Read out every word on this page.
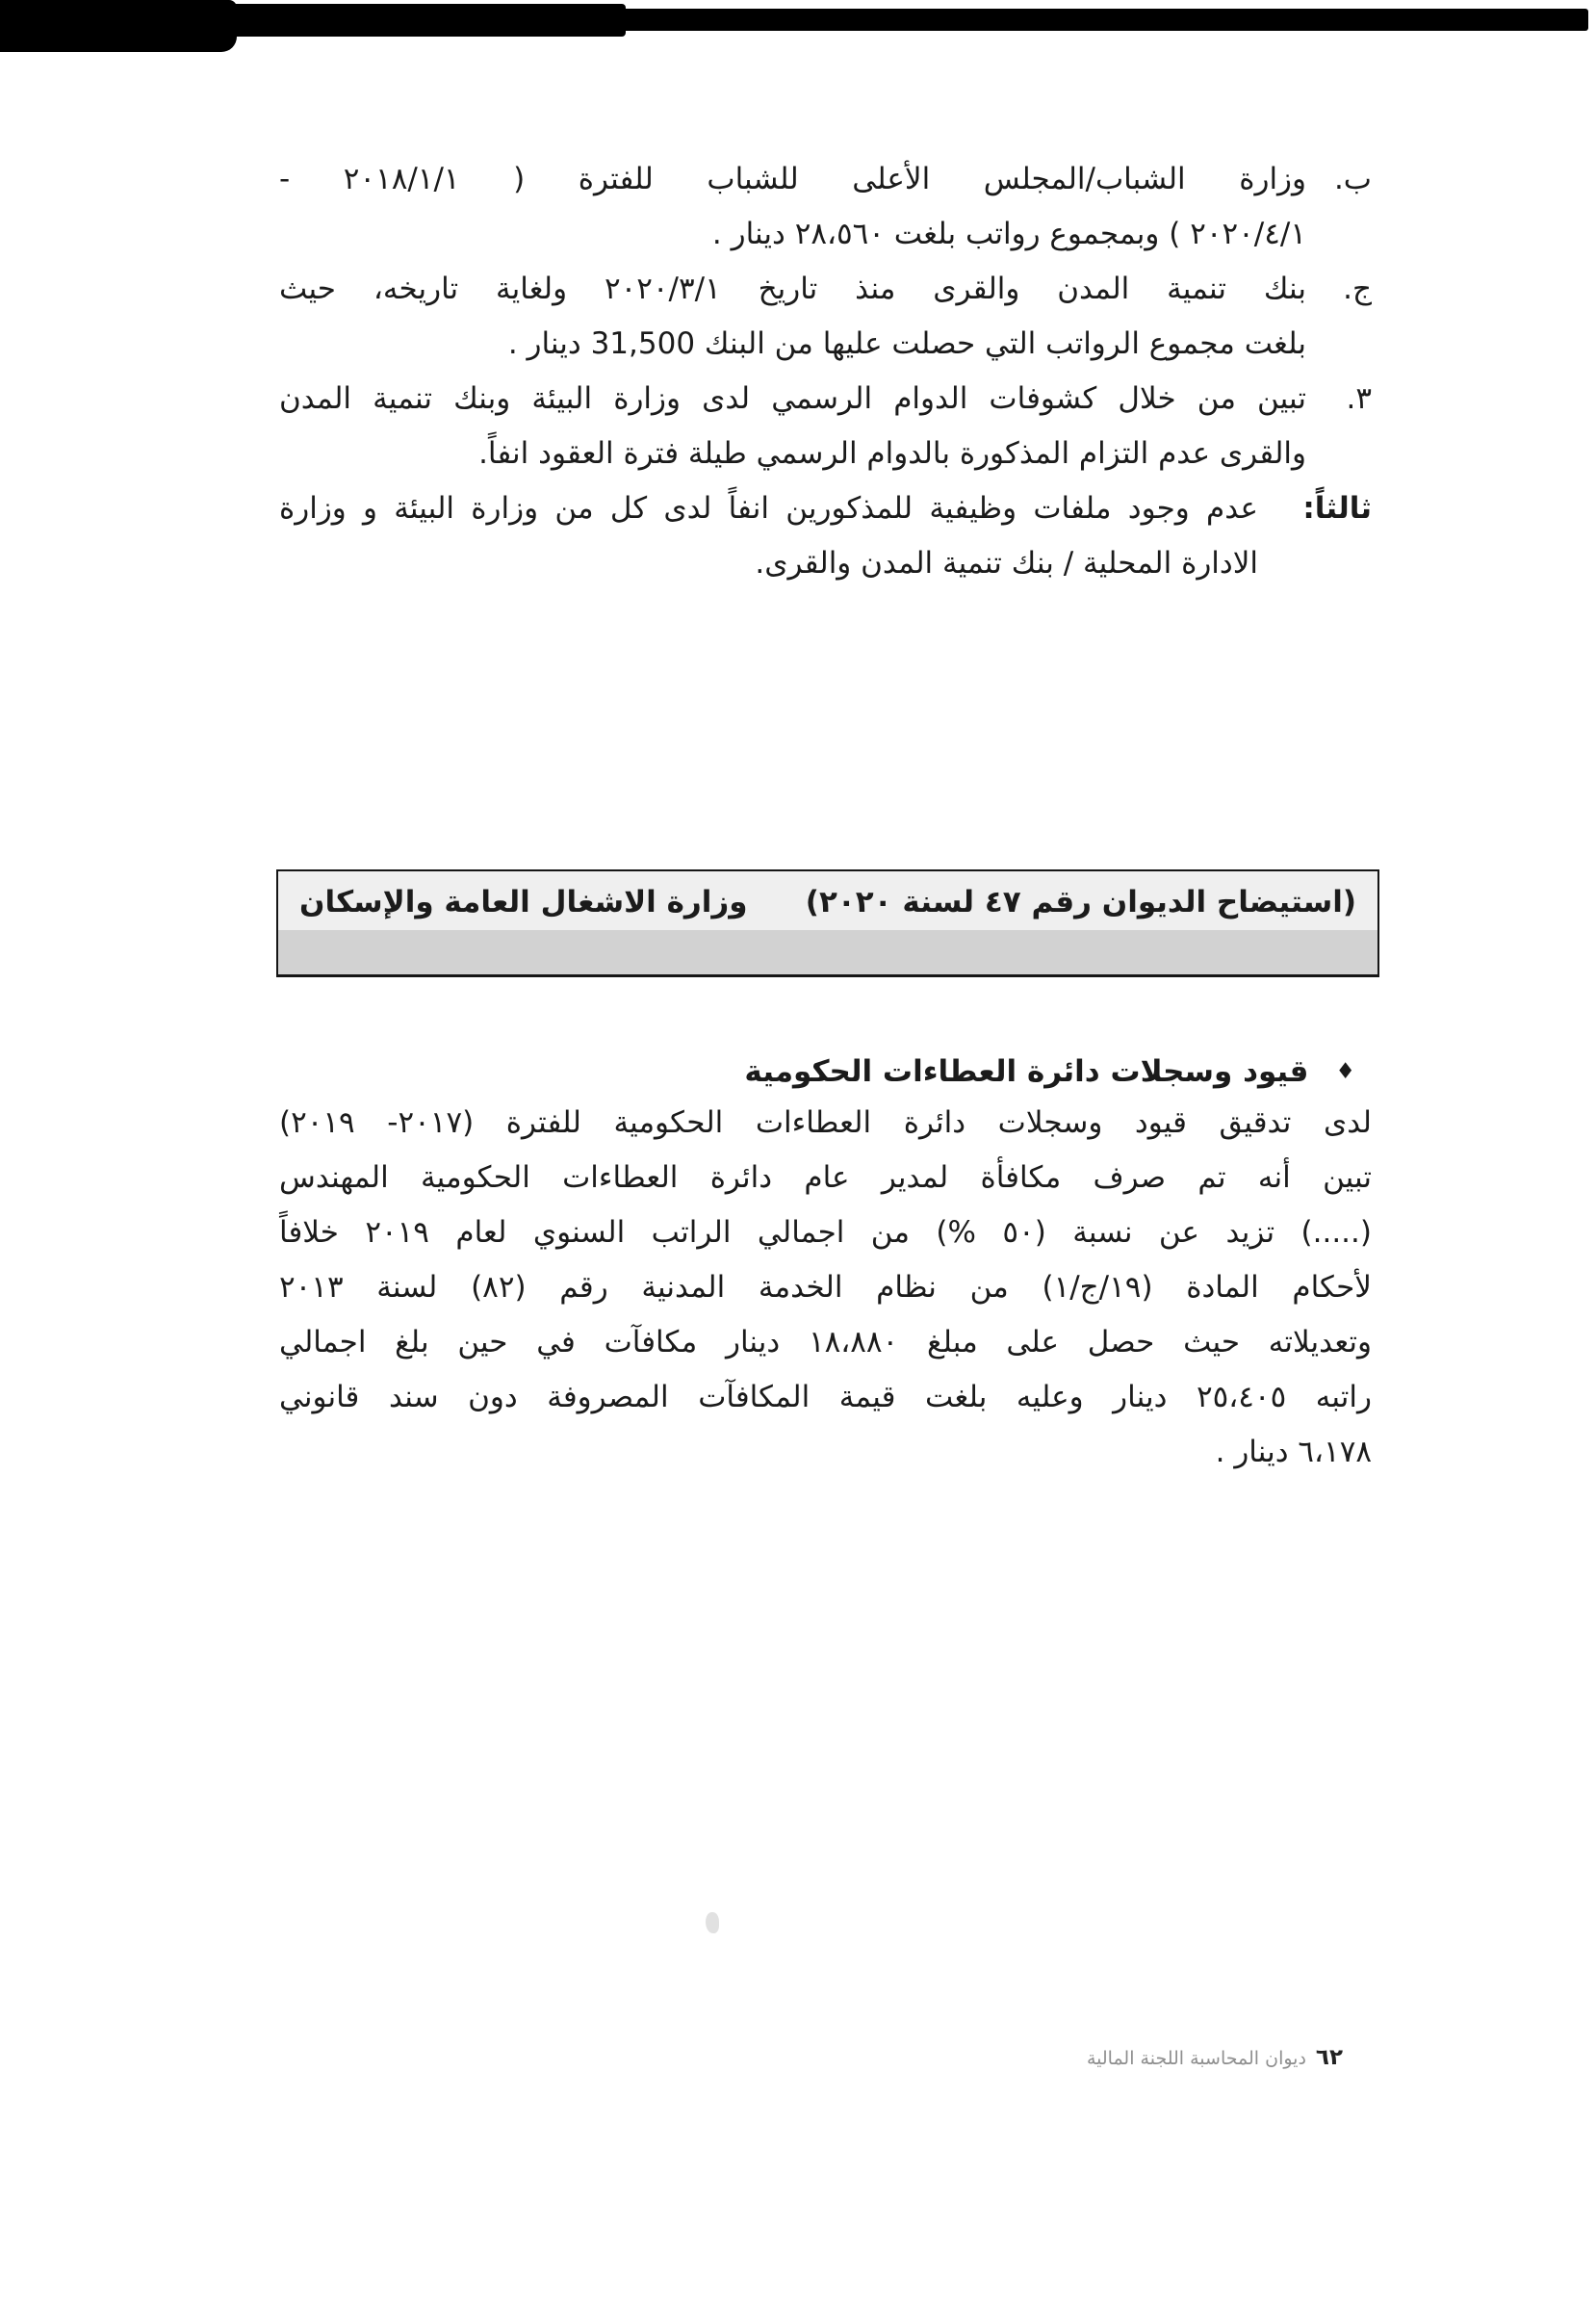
ب.
وزارة الشباب/المجلس الأعلى للشباب للفترة ( ٢٠١٨/١/١ -
٢٠٢٠/٤/١ ) وبمجموع رواتب بلغت ٢٨،٥٦٠ دينار .
ج.
بنك تنمية المدن والقرى منذ تاريخ ٢٠٢٠/٣/١ ولغاية تاريخه، حيث
بلغت مجموع الرواتب التي حصلت عليها من البنك 31,500 دينار .
٣.
تبين من خلال كشوفات الدوام الرسمي لدى وزارة البيئة وبنك تنمية المدن
والقرى عدم التزام المذكورة بالدوام الرسمي طيلة فترة العقود انفاً.
ثالثاً:
عدم وجود ملفات وظيفية للمذكورين انفاً لدى كل من وزارة البيئة و وزارة
الادارة المحلية / بنك تنمية المدن والقرى.
(استيضاح الديوان رقم ٤٧ لسنة ٢٠٢٠)
وزارة الاشغال العامة والإسكان
♦
قيود وسجلات دائرة العطاءات الحكومية
لدى تدقيق قيود وسجلات دائرة العطاءات الحكومية للفترة (٢٠١٧- ٢٠١٩)
تبين أنه تم صرف مكافأة لمدير عام دائرة العطاءات الحكومية المهندس
(.....) تزيد عن نسبة (٥٠ %) من اجمالي الراتب السنوي لعام ٢٠١٩ خلافاً
لأحكام المادة (١٩/ج/١) من نظام الخدمة المدنية رقم (٨٢) لسنة ٢٠١٣
وتعديلاته حيث حصل على مبلغ ١٨،٨٨٠ دينار مكافآت في حين بلغ اجمالي
راتبه ٢٥،٤٠٥ دينار وعليه بلغت قيمة المكافآت المصروفة دون سند قانوني
٦،١٧٨ دينار .
٦٢
ديوان المحاسبة اللجنة المالية
